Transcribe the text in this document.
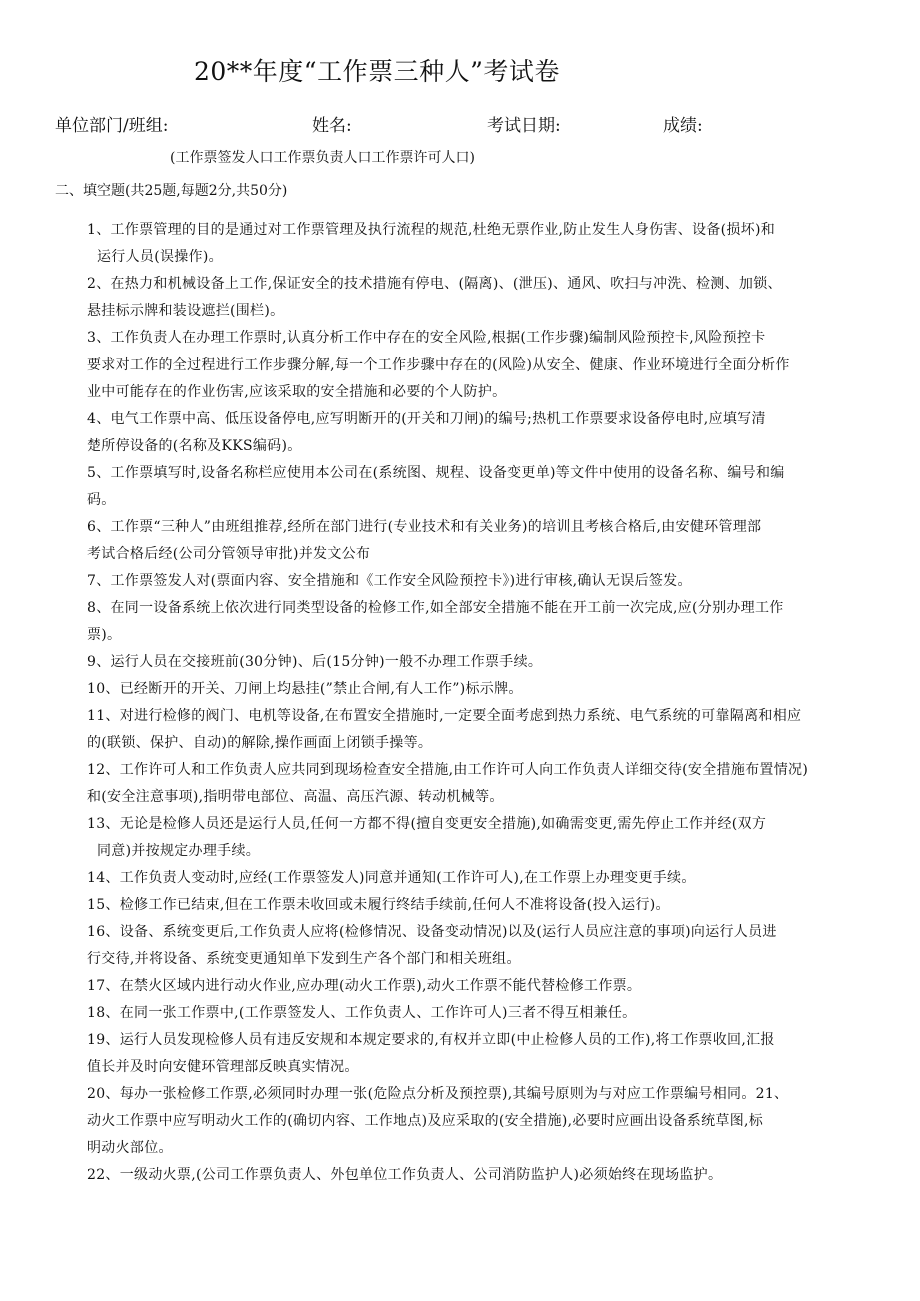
20**年度“工作票三种人”考试卷
单位部门/班组:	姓名:	考试日期:	成绩:
(工作票签发人口工作票负责人口工作票许可人口)
二、填空题(共25题,每题2分,共50分)
1、工作票管理的目的是通过对工作票管理及执行流程的规范,杜绝无票作业,防止发生人身伤害、设备(损坏)和
运行人员(误操作)。
2、在热力和机械设备上工作,保证安全的技术措施有停电、(隔离)、(泄压)、通风、吹扫与冲洗、检测、加锁、
悬挂标示牌和装设遮拦(围栏)。
3、工作负责人在办理工作票时,认真分析工作中存在的安全风险,根据(工作步骤)编制风险预控卡,风险预控卡
要求对工作的全过程进行工作步骤分解,每一个工作步骤中存在的(风险)从安全、健康、作业环境进行全面分析作
业中可能存在的作业伤害,应该采取的安全措施和必要的个人防护。
4、电气工作票中高、低压设备停电,应写明断开的(开关和刀闸)的编号;热机工作票要求设备停电时,应填写清
楚所停设备的(名称及KKS编码)。
5、工作票填写时,设备名称栏应使用本公司在(系统图、规程、设备变更单)等文件中使用的设备名称、编号和编
码。
6、工作票“三种人”由班组推荐,经所在部门进行(专业技术和有关业务)的培训且考核合格后,由安健环管理部
考试合格后经(公司分管领导审批)并发文公布
7、工作票签发人对(票面内容、安全措施和《工作安全风险预控卡》)进行审核,确认无误后签发。
8、在同一设备系统上依次进行同类型设备的检修工作,如全部安全措施不能在开工前一次完成,应(分别办理工作
票)。
9、运行人员在交接班前(30分钟)、后(15分钟)一般不办理工作票手续。
10、已经断开的开关、刀闸上均悬挂(”禁止合闸,有人工作”)标示牌。
11、对进行检修的阀门、电机等设备,在布置安全措施时,一定要全面考虑到热力系统、电气系统的可靠隔离和相应
的(联锁、保护、自动)的解除,操作画面上闭锁手操等。
12、工作许可人和工作负责人应共同到现场检查安全措施,由工作许可人向工作负责人详细交待(安全措施布置情况)
和(安全注意事项),指明带电部位、高温、高压汽源、转动机械等。
13、无论是检修人员还是运行人员,任何一方都不得(擅自变更安全措施),如确需变更,需先停止工作并经(双方
同意)并按规定办理手续。
14、工作负责人变动时,应经(工作票签发人)同意并通知(工作许可人),在工作票上办理变更手续。
15、检修工作已结束,但在工作票未收回或未履行终结手续前,任何人不准将设备(投入运行)。
16、设备、系统变更后,工作负责人应将(检修情况、设备变动情况)以及(运行人员应注意的事项)向运行人员进
行交待,并将设备、系统变更通知单下发到生产各个部门和相关班组。
17、在禁火区域内进行动火作业,应办理(动火工作票),动火工作票不能代替检修工作票。
18、在同一张工作票中,(工作票签发人、工作负责人、工作许可人)三者不得互相兼任。
19、运行人员发现检修人员有违反安规和本规定要求的,有权并立即(中止检修人员的工作),将工作票收回,汇报
值长并及时向安健环管理部反映真实情况。
20、每办一张检修工作票,必须同时办理一张(危险点分析及预控票),其编号原则为与对应工作票编号相同。21、
动火工作票中应写明动火工作的(确切内容、工作地点)及应采取的(安全措施),必要时应画出设备系统草图,标
明动火部位。
22、一级动火票,(公司工作票负责人、外包单位工作负责人、公司消防监护人)必须始终在现场监护。
